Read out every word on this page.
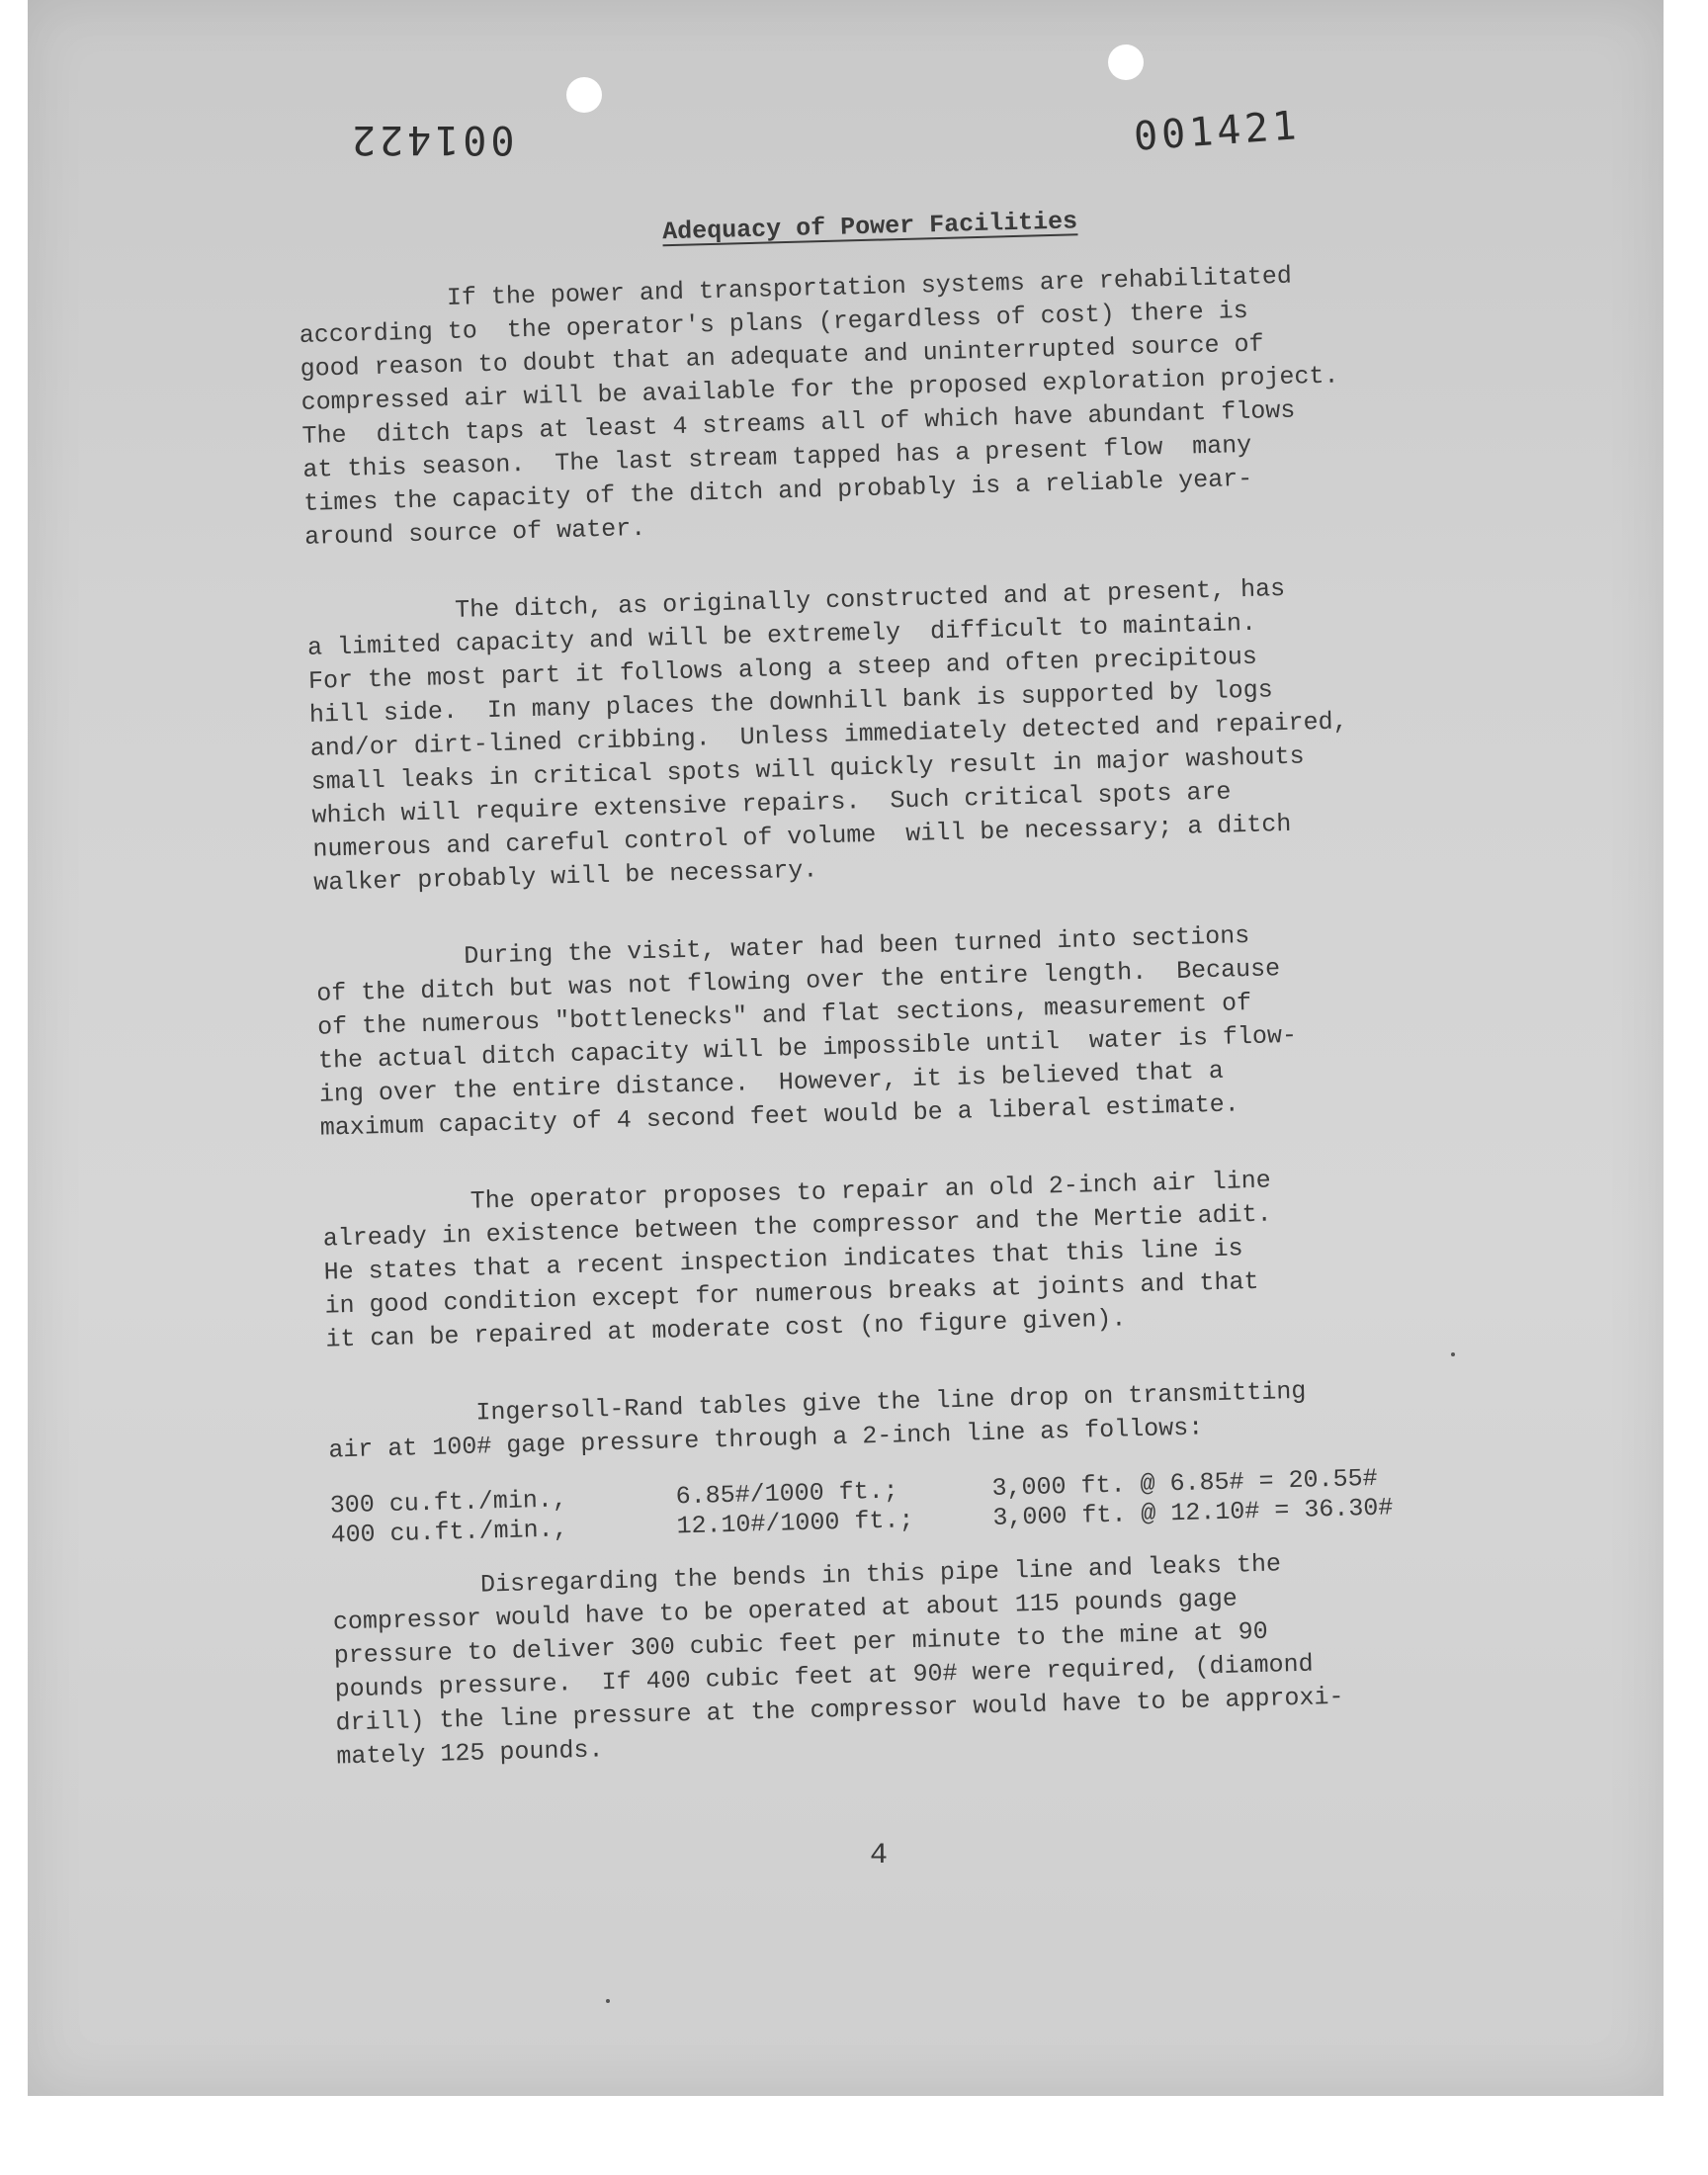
001422	001421
Adequacy of Power Facilities

If the power and transportation systems are rehabilitated
according to  the operator's plans (regardless of cost) there is
good reason to doubt that an adequate and uninterrupted source of
compressed air will be available for the proposed exploration project.
The  ditch taps at least 4 streams all of which have abundant flows
at this season.  The last stream tapped has a present flow  many
times the capacity of the ditch and probably is a reliable year-
around source of water.

The ditch, as originally constructed and at present, has
a limited capacity and will be extremely  difficult to maintain.
For the most part it follows along a steep and often precipitous
hill side.  In many places the downhill bank is supported by logs
and/or dirt-lined cribbing.  Unless immediately detected and repaired,
small leaks in critical spots will quickly result in major washouts
which will require extensive repairs.  Such critical spots are
numerous and careful control of volume  will be necessary; a ditch
walker probably will be necessary.

During the visit, water had been turned into sections
of the ditch but was not flowing over the entire length.  Because
of the numerous "bottlenecks" and flat sections, measurement of
the actual ditch capacity will be impossible until  water is flow-
ing over the entire distance.  However, it is believed that a
maximum capacity of 4 second feet would be a liberal estimate.

The operator proposes to repair an old 2-inch air line
already in existence between the compressor and the Mertie adit.
He states that a recent inspection indicates that this line is
in good condition except for numerous breaks at joints and that
it can be repaired at moderate cost (no figure given).

Ingersoll-Rand tables give the line drop on transmitting
air at 100# gage pressure through a 2-inch line as follows:

300 cu.ft./min.,	6.85#/1000 ft.;	3,000 ft. @ 6.85# = 20.55#
400 cu.ft./min.,	12.10#/1000 ft.;	3,000 ft. @ 12.10# = 36.30#

Disregarding the bends in this pipe line and leaks the
compressor would have to be operated at about 115 pounds gage
pressure to deliver 300 cubic feet per minute to the mine at 90
pounds pressure.  If 400 cubic feet at 90# were required, (diamond
drill) the line pressure at the compressor would have to be approxi-
mately 125 pounds.

4
